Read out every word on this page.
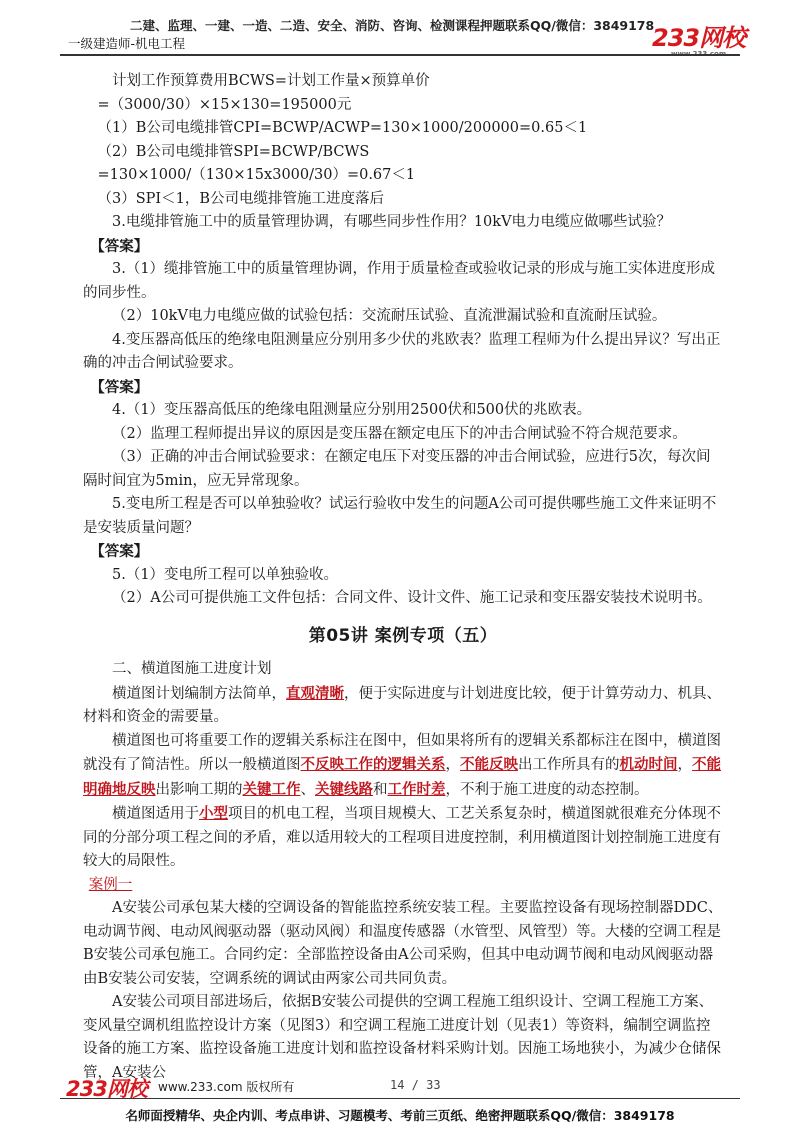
二建、监理、一建、一造、二造、安全、消防、咨询、检测课程押题联系QQ/微信：3849178
一级建造师-机电工程	233网校
www.233.com

计划工作预算费用BCWS=计划工作量×预算单价

=（3000/30）×15×130=195000元

（1）B公司电缆排管CPI=BCWP/ACWP=130×1000/200000=0.65＜1

（2）B公司电缆排管SPI=BCWP/BCWS

=130×1000/（130×15x3000/30）=0.67＜1

（3）SPI＜1，B公司电缆排管施工进度落后

3.电缆排管施工中的质量管理协调，有哪些同步性作用？10kV电力电缆应做哪些试验？

【答案】

3.（1）缆排管施工中的质量管理协调，作用于质量检查或验收记录的形成与施工实体进度形成的同步性。

（2）10kV电力电缆应做的试验包括：交流耐压试验、直流泄漏试验和直流耐压试验。

4.变压器高低压的绝缘电阻测量应分别用多少伏的兆欧表？监理工程师为什么提出异议？写出正确的冲击合闸试验要求。

【答案】

4.（1）变压器高低压的绝缘电阻测量应分别用2500伏和500伏的兆欧表。

（2）监理工程师提出异议的原因是变压器在额定电压下的冲击合闸试验不符合规范要求。

（3）正确的冲击合闸试验要求：在额定电压下对变压器的冲击合闸试验，应进行5次，每次间隔时间宜为5min，应无异常现象。

5.变电所工程是否可以单独验收？试运行验收中发生的问题A公司可提供哪些施工文件来证明不是安装质量问题？

【答案】

5.（1）变电所工程可以单独验收。

（2）A公司可提供施工文件包括：合同文件、设计文件、施工记录和变压器安装技术说明书。

第05讲 案例专项（五）

二、横道图施工进度计划

横道图计划编制方法简单，直观清晰，便于实际进度与计划进度比较，便于计算劳动力、机具、材料和资金的需要量。

横道图也可将重要工作的逻辑关系标注在图中，但如果将所有的逻辑关系都标注在图中，横道图就没有了简洁性。所以一般横道图不反映工作的逻辑关系，不能反映出工作所具有的机动时间，不能明确地反映出影响工期的关键工作、关键线路和工作时差，不利于施工进度的动态控制。

横道图适用于小型项目的机电工程，当项目规模大、工艺关系复杂时，横道图就很难充分体现不同的分部分项工程之间的矛盾，难以适用较大的工程项目进度控制，利用横道图计划控制施工进度有较大的局限性。

案例一

A安装公司承包某大楼的空调设备的智能监控系统安装工程。主要监控设备有现场控制器DDC、电动调节阀、电动风阀驱动器（驱动风阀）和温度传感器（水管型、风管型）等。大楼的空调工程是B安装公司承包施工。合同约定：全部监控设备由A公司采购，但其中电动调节阀和电动风阀驱动器由B安装公司安装，空调系统的调试由两家公司共同负责。

A安装公司项目部进场后，依据B安装公司提供的空调工程施工组织设计、空调工程施工方案、变风量空调机组监控设计方案（见图3）和空调工程施工进度计划（见表1）等资料，编制空调监控设备的施工方案、监控设备施工进度计划和监控设备材料采购计划。因施工场地狭小，为减少仓储保管，A安装公

233网校 www.233.com 版权所有	14 / 33
名师面授精华、央企内训、考点串讲、习题模考、考前三页纸、绝密押题联系QQ/微信：3849178
